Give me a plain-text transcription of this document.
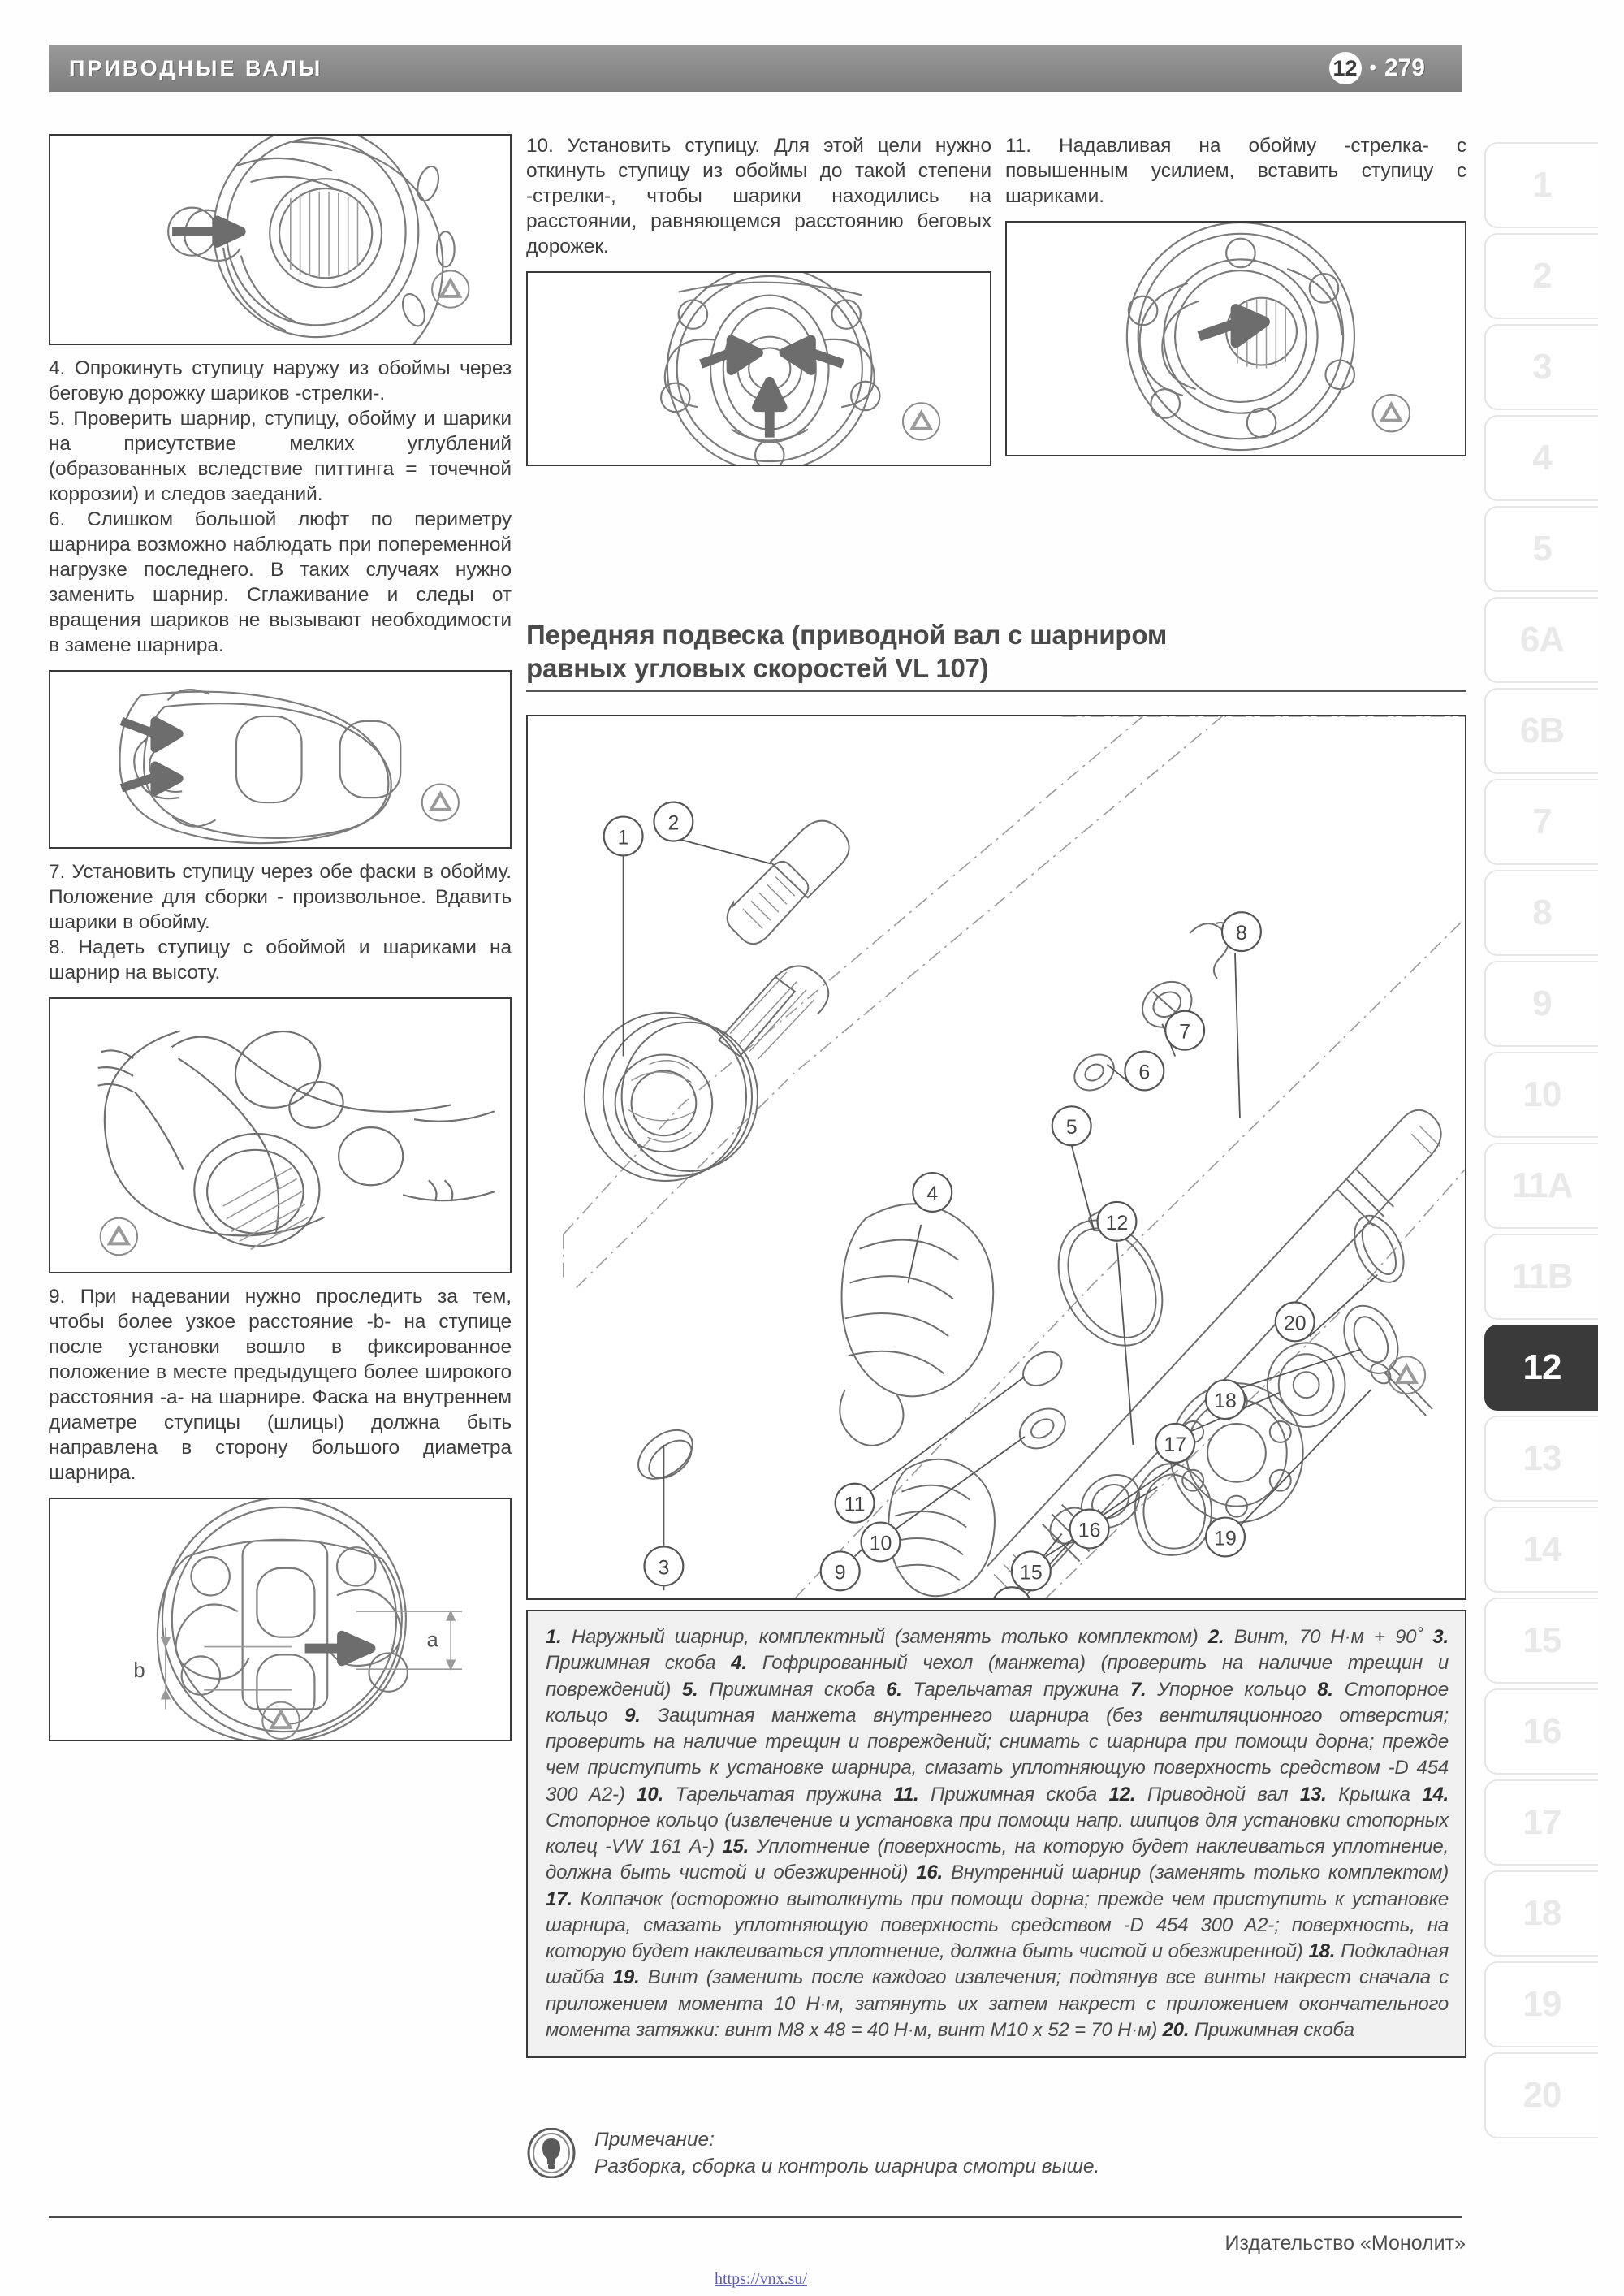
ПРИВОДНЫЕ ВАЛЫ	12 • 279
4. Опрокинуть ступицу наружу из обоймы через беговую дорожку шариков -стрелки-.
5. Проверить шарнир, ступицу, обойму и шарики на присутствие мелких углублений (образованных вследствие питтинга = точечной коррозии) и следов заеданий.
6. Слишком большой люфт по периметру шарнира возможно наблюдать при попеременной нагрузке последнего. В таких случаях нужно заменить шарнир. Сглаживание и следы от вращения шариков не вызывают необходимости в замене шарнира.
7. Установить ступицу через обе фаски в обойму. Положение для сборки - произвольное. Вдавить шарики в обойму.
8. Надеть ступицу с обоймой и шариками на шарнир на высоту.
9. При надевании нужно проследить за тем, чтобы более узкое расстояние -b- на ступице после установки вошло в фиксированное положение в месте предыдущего более широкого расстояния -a- на шарнире. Фаска на внутреннем диаметре ступицы (шлицы) должна быть направлена в сторону большого диаметра шарнира.
a
b
10. Установить ступицу. Для этой цели нужно откинуть ступицу из обоймы до такой степени -стрелки-, чтобы шарики находились на расстоянии, равняющемся расстоянию беговых дорожек.
11. Надавливая на обойму -стрелка- с повышенным усилием, вставить ступицу с шариками.
Передняя подвеска (приводной вал с шарниром
равных угловых скоростей VL 107)
1
2
3
4
5
6
7
8
9
10
11
12
15
16
17
18
19
20

1. Наружный шарнир, комплектный (заменять только комплектом) 2. Винт, 70 Н·м + 90˚ 3. Прижимная скоба 4. Гофрированный чехол (манжета) (проверить на наличие трещин и повреждений) 5. Прижимная скоба 6. Тарельчатая пружина 7. Упорное кольцо 8. Стопорное кольцо 9. Защитная манжета внутреннего шарнира (без вентиляционного отверстия; проверить на наличие трещин и повреждений; снимать с шарнира при помощи дорна; прежде чем приступить к установке шарнира, смазать уплотняющую поверхность средством -D 454 300 A2-) 10. Тарельчатая пружина 11. Прижимная скоба 12. Приводной вал 13. Крышка 14. Стопорное кольцо (извлечение и установка при помощи напр. шипцов для установки стопорных колец -VW 161 A-) 15. Уплотнение (поверхность, на которую будет наклеиваться уплотнение, должна быть чистой и обезжиренной) 16. Внутренний шарнир (заменять только комплектом) 17. Колпачок (осторожно вытолкнуть при помощи дорна; прежде чем приступить к установке шарнира, смазать уплотняющую поверхность средством -D 454 300 A2-; поверхность, на которую будет наклеиваться уплотнение, должна быть чистой и обезжиренной) 18. Подкладная шайба 19. Винт (заменить после каждого извлечения; подтянув все винты накрест сначала с приложением момента 10 Н·м, затянуть их затем накрест с приложением окончательного момента затяжки: винт M8 x 48 = 40 Н·м, винт M10 x 52 = 70 Н·м) 20. Прижимная скоба

Примечание:

Разборка, сборка и контроль шарнира смотри выше.

1
2
3
4
5
6A
6B
7
8
9
10
11A
11B
12
13
14
15
16
17
18
19
20
Издательство «Монолит»
https://vnx.su/
